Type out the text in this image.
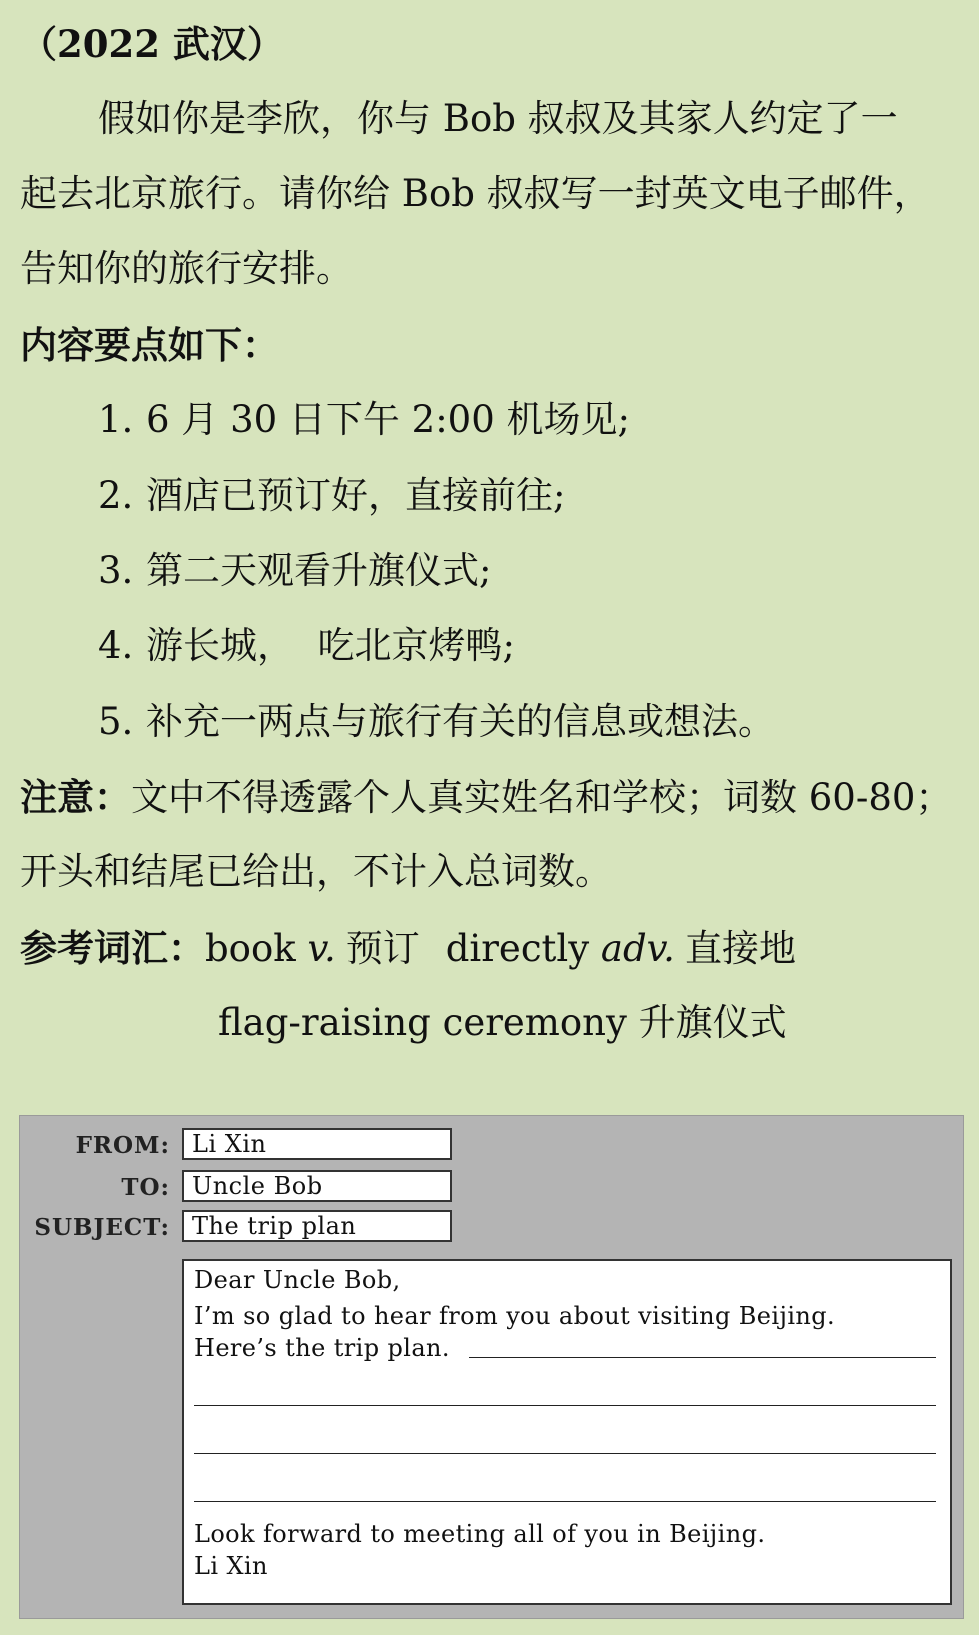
（2022 武汉）
假如你是李欣，你与 Bob 叔叔及其家人约定了一
起去北京旅行。请你给 Bob 叔叔写一封英文电子邮件，
告知你的旅行安排。
内容要点如下：
1. 6 月 30 日下午 2:00 机场见;
2. 酒店已预订好，直接前往;
3. 第二天观看升旗仪式;
4. 游长城，  吃北京烤鸭;
5. 补充一两点与旅行有关的信息或想法。
注意：文中不得透露个人真实姓名和学校；词数 60-80；
开头和结尾已给出，不计入总词数。
参考词汇：book v. 预订 directly adv. 直接地
flag-raising ceremony 升旗仪式
FROM: Li Xin
TO: Uncle Bob
SUBJECT: The trip plan
Dear Uncle Bob,
I’m so glad to hear from you about visiting Beijing.
Here’s the trip plan.
Look forward to meeting all of you in Beijing.
Li Xin
